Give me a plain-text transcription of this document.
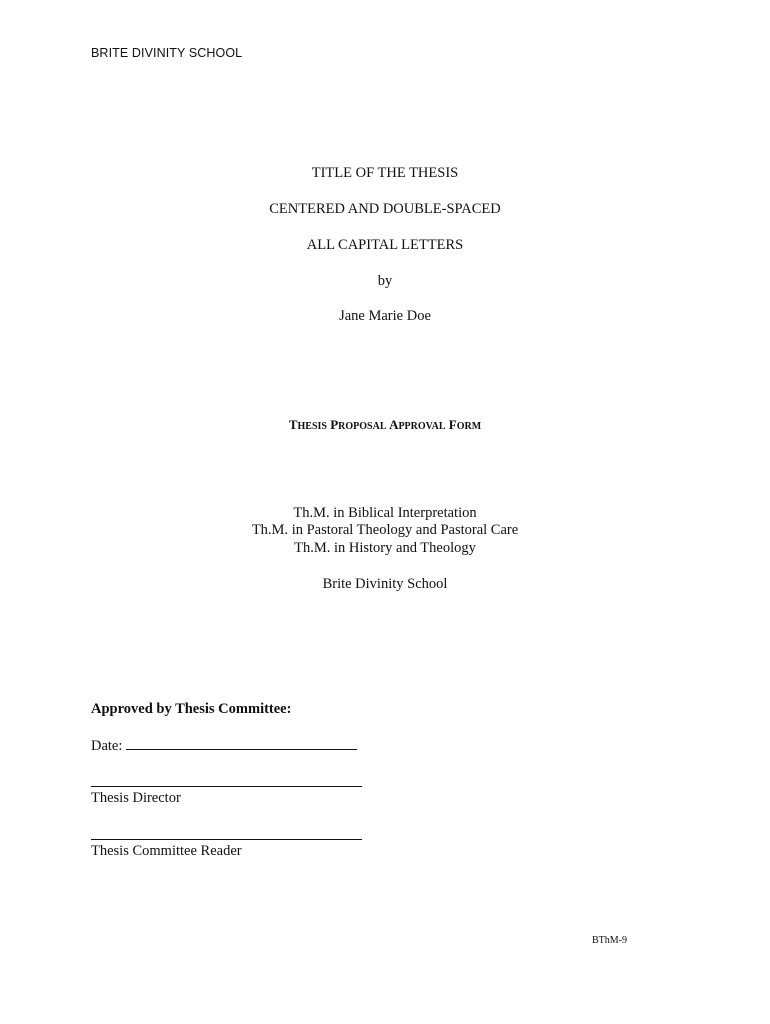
BRITE DIVINITY SCHOOL
TITLE OF THE THESIS
CENTERED AND DOUBLE-SPACED
ALL CAPITAL LETTERS
by
Jane Marie Doe
THESIS PROPOSAL APPROVAL FORM
Th.M. in Biblical Interpretation
Th.M. in Pastoral Theology and Pastoral Care
Th.M. in History and Theology
Brite Divinity School
Approved by Thesis Committee:
Date:
Thesis Director
Thesis Committee Reader
BThM-9
